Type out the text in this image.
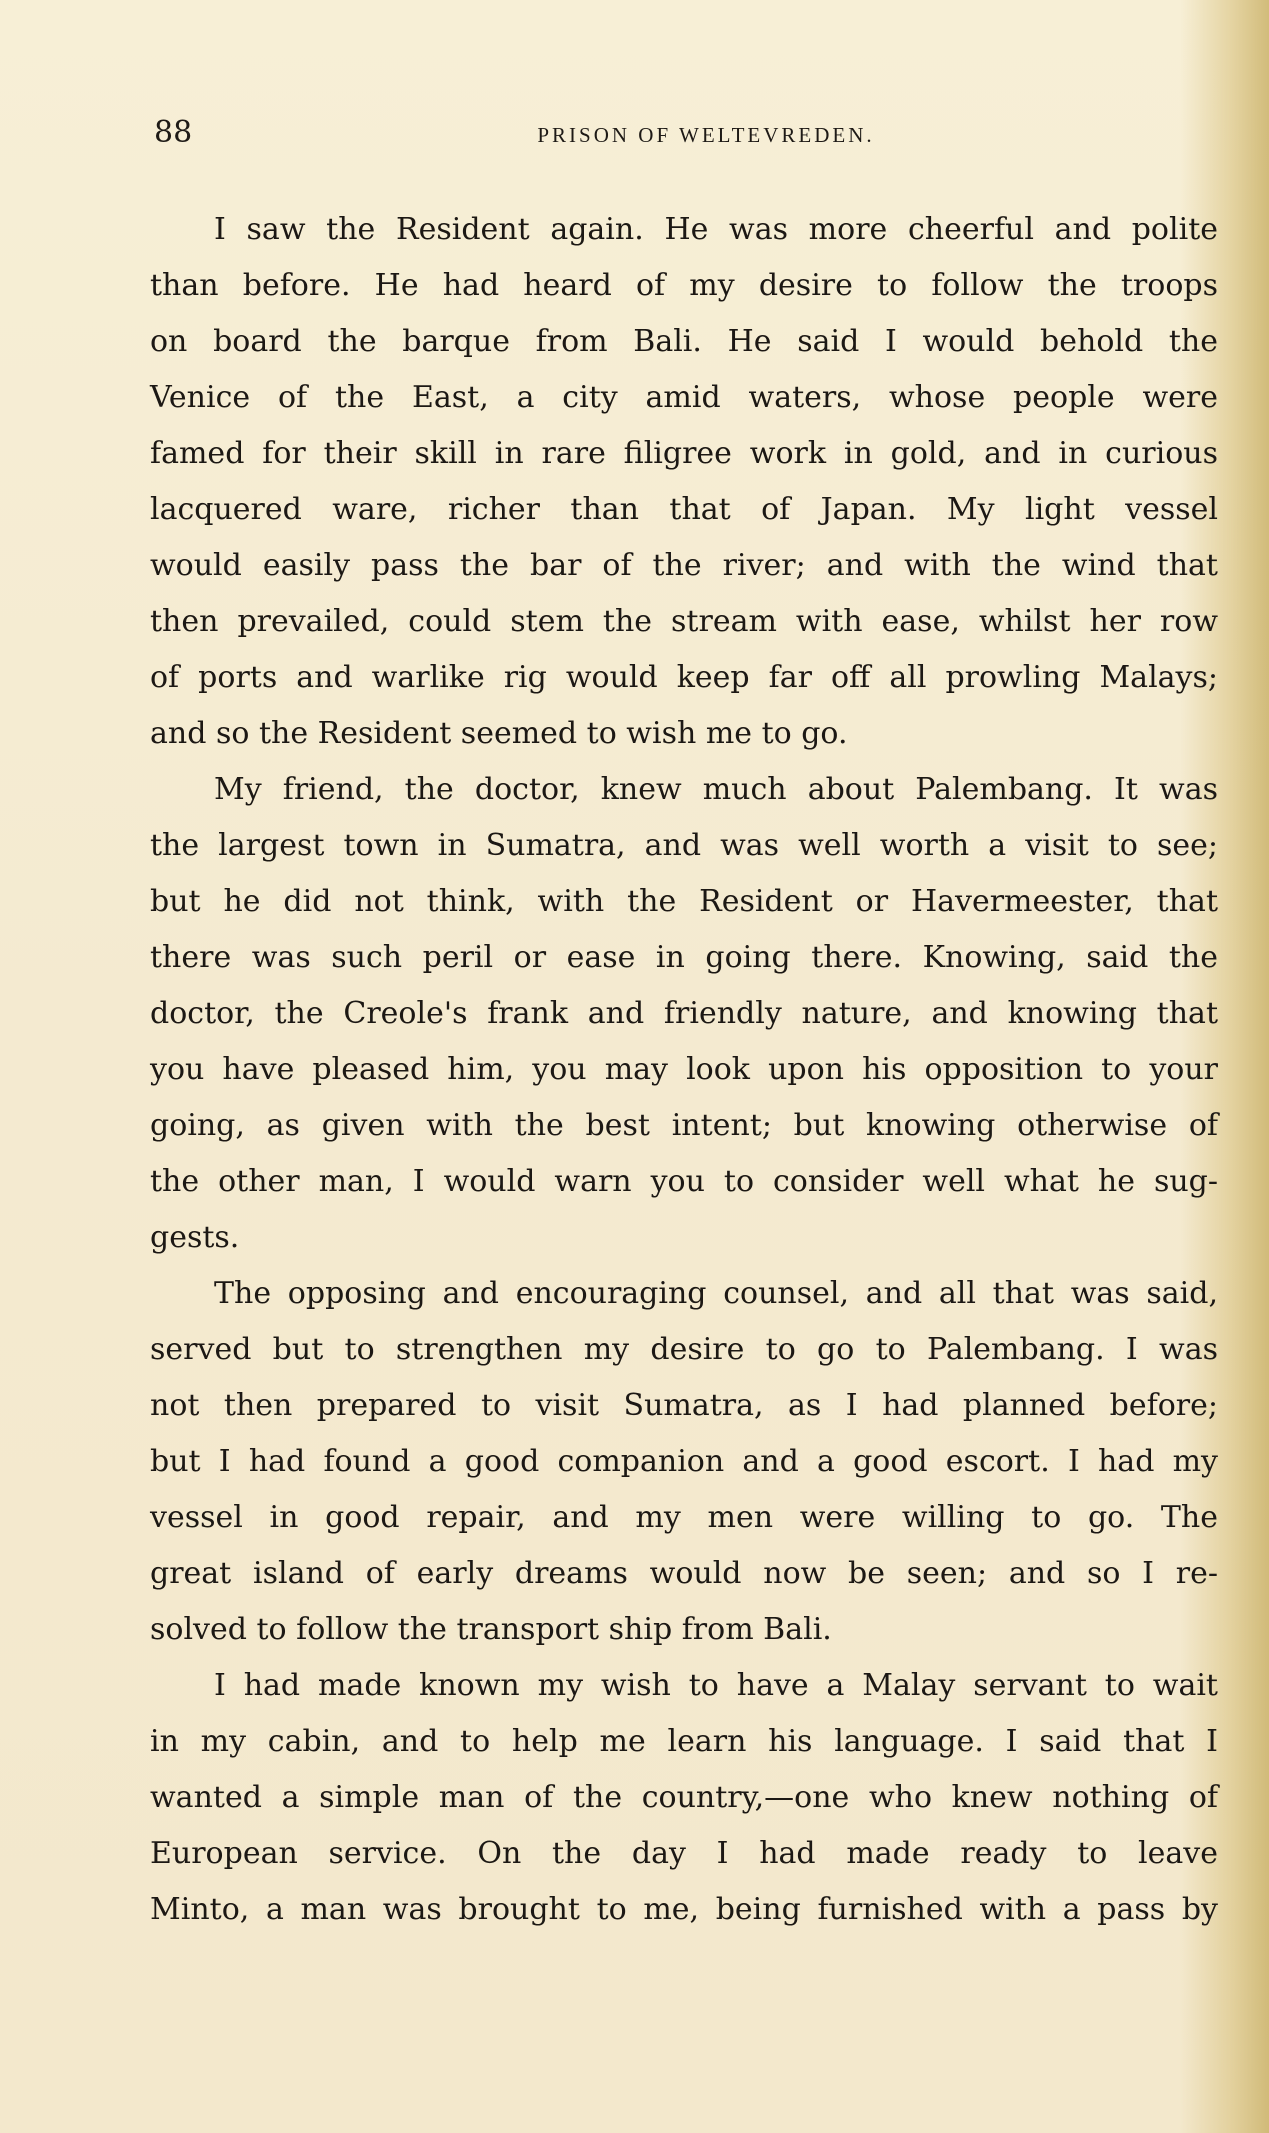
88	PRISON OF WELTEVREDEN.
I saw the Resident again. He was more cheerful and polite
than before. He had heard of my desire to follow the troops
on board the barque from Bali. He said I would behold the
Venice of the East, a city amid waters, whose people were
famed for their skill in rare filigree work in gold, and in curious
lacquered ware, richer than that of Japan. My light vessel
would easily pass the bar of the river; and with the wind that
then prevailed, could stem the stream with ease, whilst her row
of ports and warlike rig would keep far off all prowling Malays;
and so the Resident seemed to wish me to go.
My friend, the doctor, knew much about Palembang. It was
the largest town in Sumatra, and was well worth a visit to see;
but he did not think, with the Resident or Havermeester, that
there was such peril or ease in going there. Knowing, said the
doctor, the Creole's frank and friendly nature, and knowing that
you have pleased him, you may look upon his opposition to your
going, as given with the best intent; but knowing otherwise of
the other man, I would warn you to consider well what he sug-
gests.
The opposing and encouraging counsel, and all that was said,
served but to strengthen my desire to go to Palembang. I was
not then prepared to visit Sumatra, as I had planned before;
but I had found a good companion and a good escort. I had my
vessel in good repair, and my men were willing to go. The
great island of early dreams would now be seen; and so I re-
solved to follow the transport ship from Bali.
I had made known my wish to have a Malay servant to wait
in my cabin, and to help me learn his language. I said that I
wanted a simple man of the country,—one who knew nothing of
European service. On the day I had made ready to leave
Minto, a man was brought to me, being furnished with a pass by
